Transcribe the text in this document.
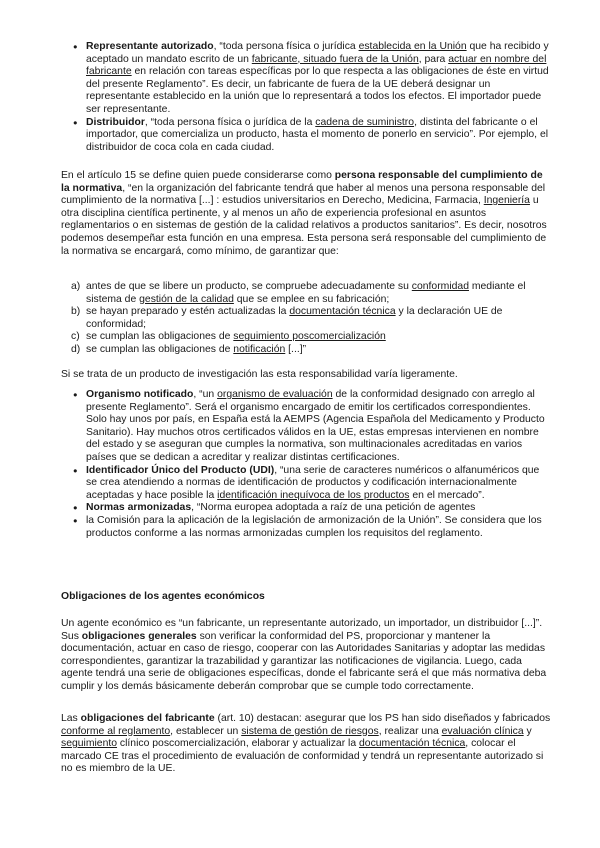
● Representante autorizado, “toda persona física o jurídica establecida en la Unión que ha recibido y aceptado un mandato escrito de un fabricante, situado fuera de la Unión, para actuar en nombre del fabricante en relación con tareas específicas por lo que respecta a las obligaciones de éste en virtud del presente Reglamento”. Es decir, un fabricante de fuera de la UE deberá designar un representante establecido en la unión que lo representará a todos los efectos. El importador puede ser representante.
● Distribuidor, “toda persona física o jurídica de la cadena de suministro, distinta del fabricante o el importador, que comercializa un producto, hasta el momento de ponerlo en servicio”. Por ejemplo, el distribuidor de coca cola en cada ciudad.

En el artículo 15 se define quien puede considerarse como persona responsable del cumplimiento de la normativa, “en la organización del fabricante tendrá que haber al menos una persona responsable del cumplimiento de la normativa [...] : estudios universitarios en Derecho, Medicina, Farmacia, Ingeniería u otra disciplina científica pertinente, y al menos un año de experiencia profesional en asuntos reglamentarios o en sistemas de gestión de la calidad relativos a productos sanitarios”. Es decir, nosotros podemos desempeñar esta función en una empresa. Esta persona será responsable del cumplimiento de la normativa se encargará, como mínimo, de garantizar que:

a) antes de que se libere un producto, se compruebe adecuadamente su conformidad mediante el sistema de gestión de la calidad que se emplee en su fabricación;
b) se hayan preparado y estén actualizadas la documentación técnica y la declaración UE de conformidad;
c) se cumplan las obligaciones de seguimiento poscomercialización
d) se cumplan las obligaciones de notificación [...]”

Si se trata de un producto de investigación las esta responsabilidad varía ligeramente.

● Organismo notificado, “un organismo de evaluación de la conformidad designado con arreglo al presente Reglamento”. Será el organismo encargado de emitir los certificados correspondientes. Solo hay unos por país, en España está la AEMPS (Agencia Española del Medicamento y Producto Sanitario). Hay muchos otros certificados válidos en la UE, estas empresas intervienen en nombre del estado y se aseguran que cumples la normativa, son multinacionales acreditadas en varios países que se dedican a acreditar y realizar distintas certificaciones.
● Identificador Único del Producto (UDI), “una serie de caracteres numéricos o alfanuméricos que se crea atendiendo a normas de identificación de productos y codificación internacionalmente aceptadas y hace posible la identificación inequívoca de los productos en el mercado”.
● Normas armonizadas, “Norma europea adoptada a raíz de una petición de agentes
● la Comisión para la aplicación de la legislación de armonización de la Unión”. Se considera que los productos conforme a las normas armonizadas cumplen los requisitos del reglamento.

Obligaciones de los agentes económicos

Un agente económico es “un fabricante, un representante autorizado, un importador, un distribuidor [...]”. Sus obligaciones generales son verificar la conformidad del PS, proporcionar y mantener la documentación, actuar en caso de riesgo, cooperar con las Autoridades Sanitarias y adoptar las medidas correspondientes, garantizar la trazabilidad y garantizar las notificaciones de vigilancia. Luego, cada agente tendrá una serie de obligaciones específicas, donde el fabricante será el que más normativa deba cumplir y los demás básicamente deberán comprobar que se cumple todo correctamente.

Las obligaciones del fabricante (art. 10) destacan: asegurar que los PS han sido diseñados y fabricados conforme al reglamento, establecer un sistema de gestión de riesgos, realizar una evaluación clínica y seguimiento clínico poscomercialización, elaborar y actualizar la documentación técnica, colocar el marcado CE tras el procedimiento de evaluación de conformidad y tendrá un representante autorizado si no es miembro de la UE.
